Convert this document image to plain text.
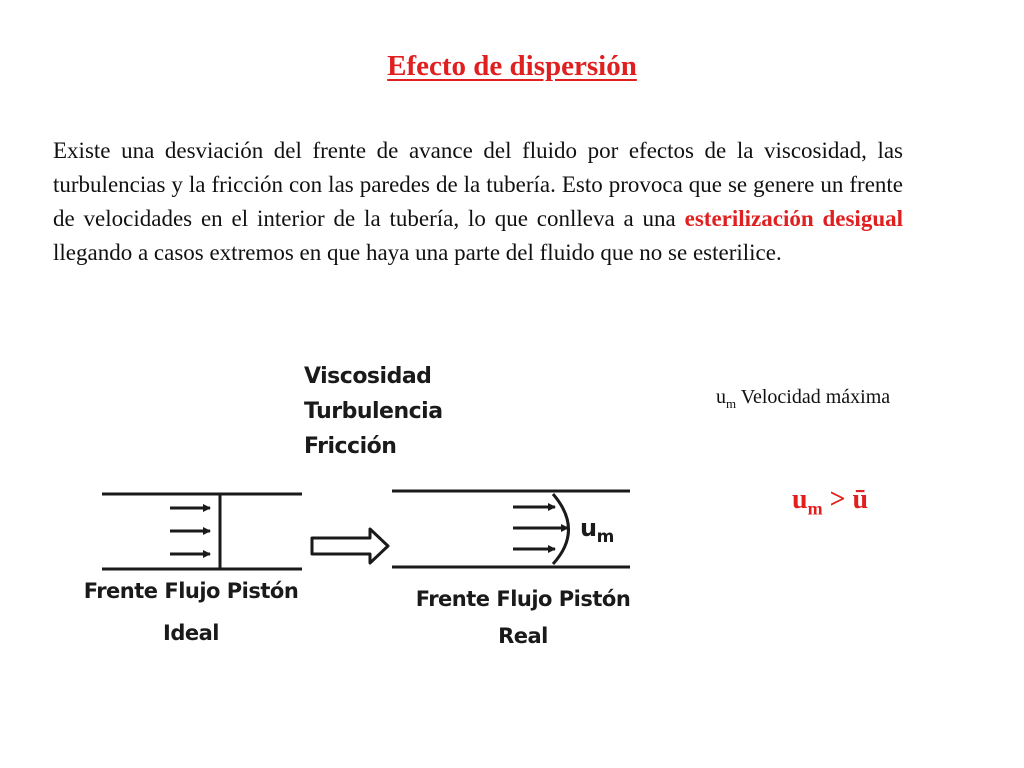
Efecto de dispersión
Existe una desviación del frente de avance del fluido por efectos de la viscosidad, las turbulencias y la fricción con las paredes de la tubería. Esto provoca que se genere un frente de velocidades en el interior de la tubería, lo que conlleva a una esterilización desigual llegando a casos extremos en que haya una parte del fluido que no se esterilice.
Viscosidad
Turbulencia
Fricción
$u_m$
Frente Flujo Pistón
Ideal
Frente Flujo Pistón
Real
$u_m$ Velocidad máxima
$u_m$ > ū
